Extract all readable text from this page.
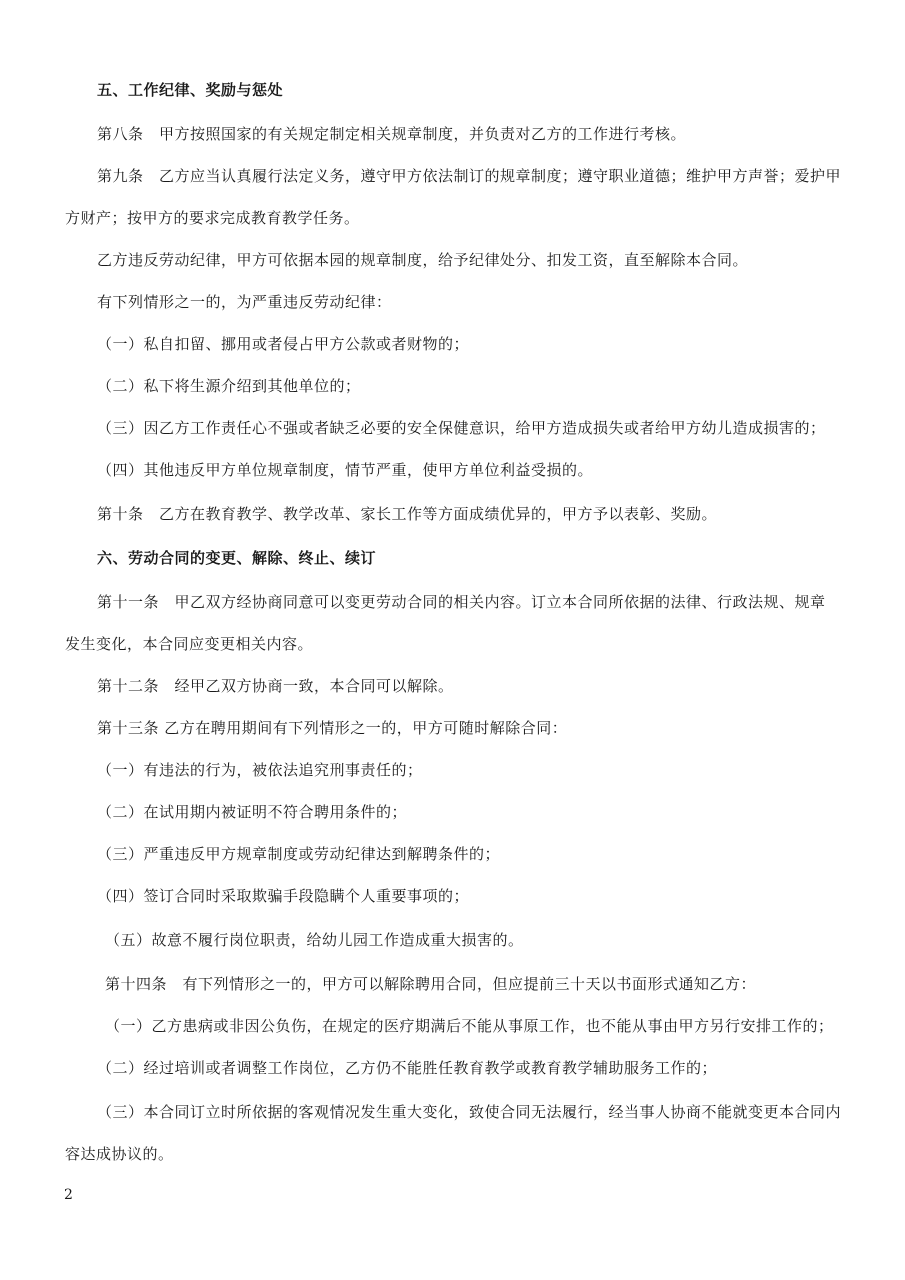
五、工作纪律、奖励与惩处
第八条　甲方按照国家的有关规定制定相关规章制度，并负责对乙方的工作进行考核。
第九条　乙方应当认真履行法定义务，遵守甲方依法制订的规章制度；遵守职业道德；维护甲方声誉；爱护甲
方财产；按甲方的要求完成教育教学任务。
乙方违反劳动纪律，甲方可依据本园的规章制度，给予纪律处分、扣发工资，直至解除本合同。
有下列情形之一的，为严重违反劳动纪律：
（一）私自扣留、挪用或者侵占甲方公款或者财物的；
（二）私下将生源介绍到其他单位的；
（三）因乙方工作责任心不强或者缺乏必要的安全保健意识，给甲方造成损失或者给甲方幼儿造成损害的；
（四）其他违反甲方单位规章制度，情节严重，使甲方单位利益受损的。
第十条　乙方在教育教学、教学改革、家长工作等方面成绩优异的，甲方予以表彰、奖励。
六、劳动合同的变更、解除、终止、续订
第十一条　甲乙双方经协商同意可以变更劳动合同的相关内容。订立本合同所依据的法律、行政法规、规章
发生变化，本合同应变更相关内容。
第十二条　经甲乙双方协商一致，本合同可以解除。
第十三条 乙方在聘用期间有下列情形之一的，甲方可随时解除合同：
（一）有违法的行为，被依法追究刑事责任的；
（二）在试用期内被证明不符合聘用条件的；
（三）严重违反甲方规章制度或劳动纪律达到解聘条件的；
（四）签订合同时采取欺骗手段隐瞒个人重要事项的；
（五）故意不履行岗位职责，给幼儿园工作造成重大损害的。
第十四条　有下列情形之一的，甲方可以解除聘用合同，但应提前三十天以书面形式通知乙方：
（一）乙方患病或非因公负伤，在规定的医疗期满后不能从事原工作，也不能从事由甲方另行安排工作的；
（二）经过培训或者调整工作岗位，乙方仍不能胜任教育教学或教育教学辅助服务工作的；
（三）本合同订立时所依据的客观情况发生重大变化，致使合同无法履行，经当事人协商不能就变更本合同内
容达成协议的。
2
